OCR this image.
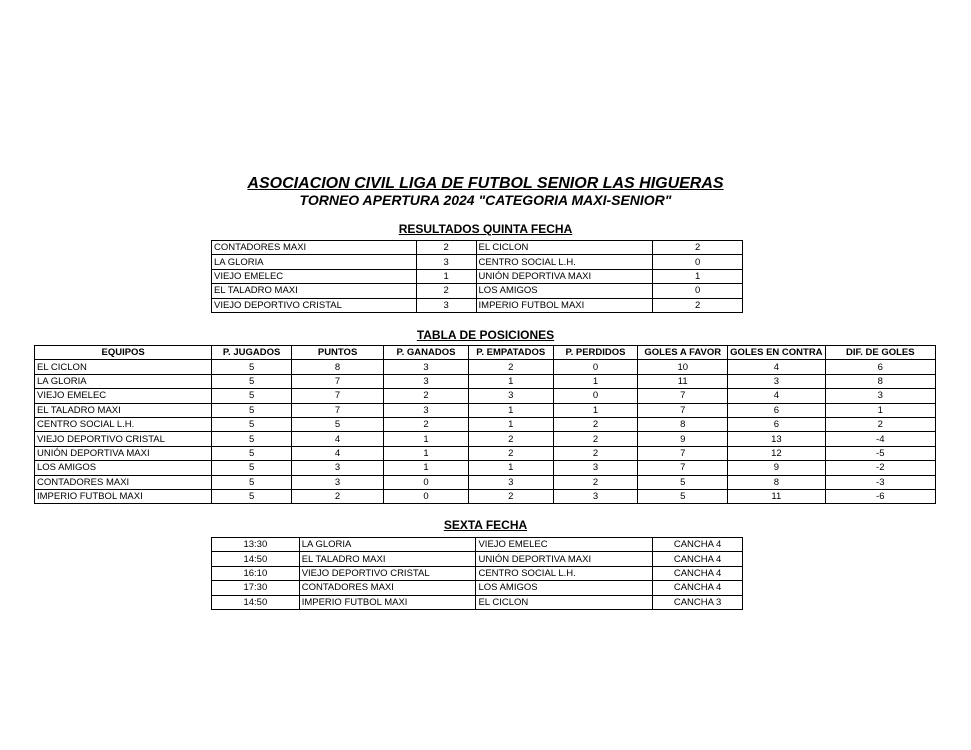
ASOCIACION CIVIL LIGA DE FUTBOL SENIOR LAS HIGUERAS
TORNEO APERTURA 2024 "CATEGORIA MAXI-SENIOR"
RESULTADOS QUINTA FECHA
CONTADORES MAXI	2	EL CICLON	2
LA GLORIA	3	CENTRO SOCIAL L.H.	0
VIEJO EMELEC	1	UNIÓN DEPORTIVA MAXI	1
EL TALADRO MAXI	2	LOS AMIGOS	0
VIEJO DEPORTIVO CRISTAL	3	IMPERIO FUTBOL MAXI	2
TABLA DE POSICIONES
EQUIPOS	P. JUGADOS	PUNTOS	P. GANADOS	P. EMPATADOS	P. PERDIDOS	GOLES A FAVOR	GOLES EN CONTRA	DIF. DE GOLES
EL CICLON	5	8	3	2	0	10	4	6
LA GLORIA	5	7	3	1	1	11	3	8
VIEJO EMELEC	5	7	2	3	0	7	4	3
EL TALADRO MAXI	5	7	3	1	1	7	6	1
CENTRO SOCIAL L.H.	5	5	2	1	2	8	6	2
VIEJO DEPORTIVO CRISTAL	5	4	1	2	2	9	13	-4
UNIÓN DEPORTIVA MAXI	5	4	1	2	2	7	12	-5
LOS AMIGOS	5	3	1	1	3	7	9	-2
CONTADORES MAXI	5	3	0	3	2	5	8	-3
IMPERIO FUTBOL MAXI	5	2	0	2	3	5	11	-6
SEXTA FECHA
13:30	LA GLORIA	VIEJO EMELEC	CANCHA 4
14:50	EL TALADRO MAXI	UNIÓN DEPORTIVA MAXI	CANCHA 4
16:10	VIEJO DEPORTIVO CRISTAL	CENTRO SOCIAL L.H.	CANCHA 4
17:30	CONTADORES MAXI	LOS AMIGOS	CANCHA 4
14:50	IMPERIO FUTBOL MAXI	EL CICLON	CANCHA 3
